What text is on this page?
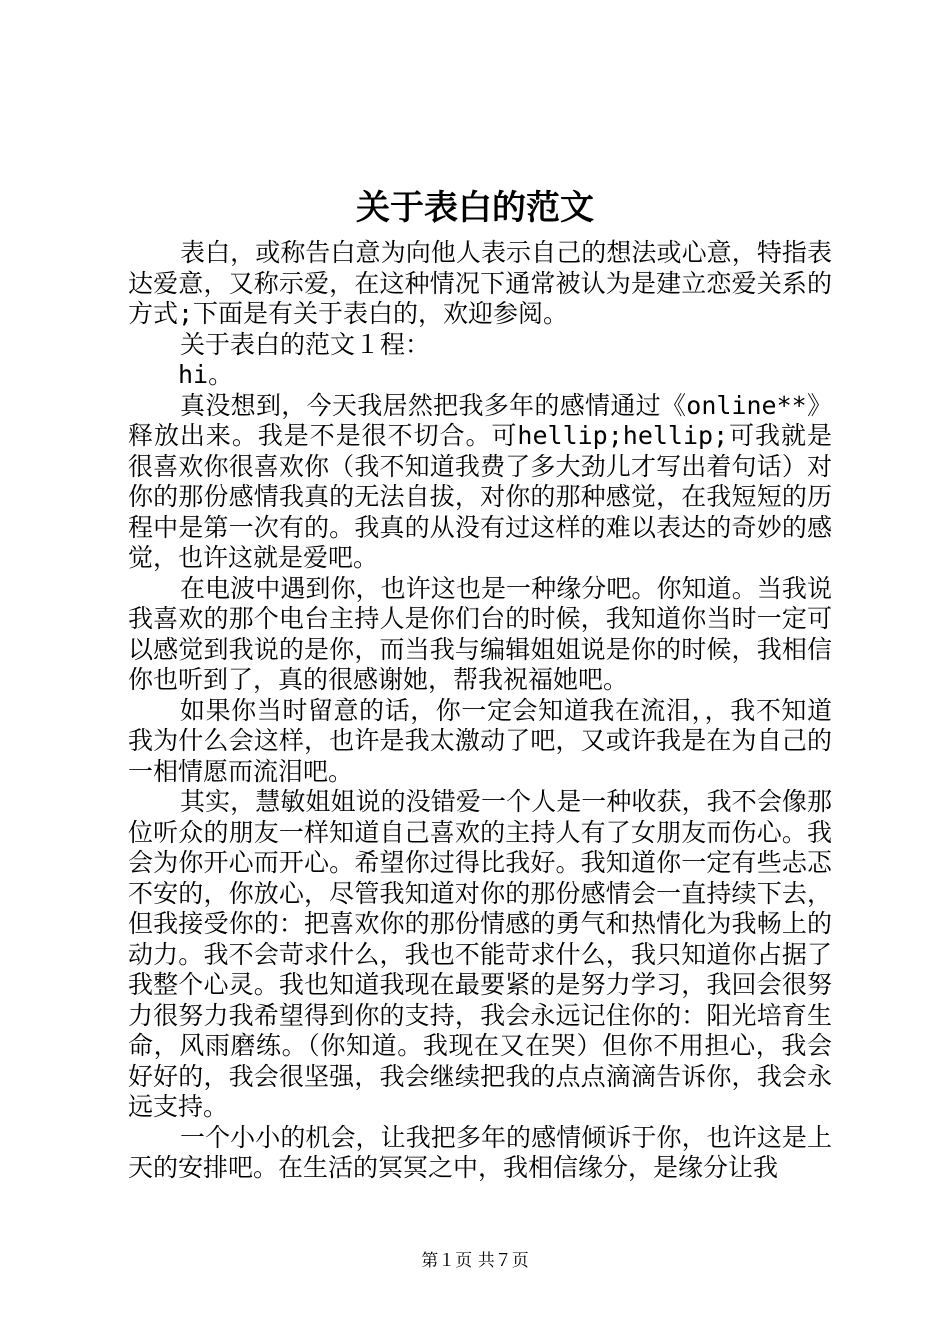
关于表白的范文

表白，或称告白意为向他人表示自己的想法或心意，特指表达爱意，又称示爱，在这种情况下通常被认为是建立恋爱关系的方式;下面是有关于表白的，欢迎参阅。

关于表白的范文１程：

hi。

真没想到，今天我居然把我多年的感情通过《online**》释放出来。我是不是很不切合。可hellip;hellip;可我就是很喜欢你很喜欢你（我不知道我费了多大劲儿才写出着句话）对你的那份感情我真的无法自拔，对你的那种感觉，在我短短的历程中是第一次有的。我真的从没有过这样的难以表达的奇妙的感觉，也许这就是爱吧。

在电波中遇到你，也许这也是一种缘分吧。你知道。当我说我喜欢的那个电台主持人是你们台的时候，我知道你当时一定可以感觉到我说的是你，而当我与编辑姐姐说是你的时候，我相信你也听到了，真的很感谢她，帮我祝福她吧。

如果你当时留意的话，你一定会知道我在流泪，，我不知道我为什么会这样，也许是我太激动了吧，又或许我是在为自己的一相情愿而流泪吧。

其实，慧敏姐姐说的没错爱一个人是一种收获，我不会像那位听众的朋友一样知道自己喜欢的主持人有了女朋友而伤心。我会为你开心而开心。希望你过得比我好。我知道你一定有些忐忑不安的，你放心，尽管我知道对你的那份感情会一直持续下去，但我接受你的：把喜欢你的那份情感的勇气和热情化为我畅上的动力。我不会苛求什么，我也不能苛求什么，我只知道你占据了我整个心灵。我也知道我现在最要紧的是努力学习，我回会很努力很努力我希望得到你的支持，我会永远记住你的：阳光培育生命，风雨磨练。（你知道。我现在又在哭）但你不用担心，我会好好的，我会很坚强，我会继续把我的点点滴滴告诉你，我会永远支持。

一个小小的机会，让我把多年的感情倾诉于你，也许这是上天的安排吧。在生活的冥冥之中，我相信缘分，是缘分让我

第１页 共７页
